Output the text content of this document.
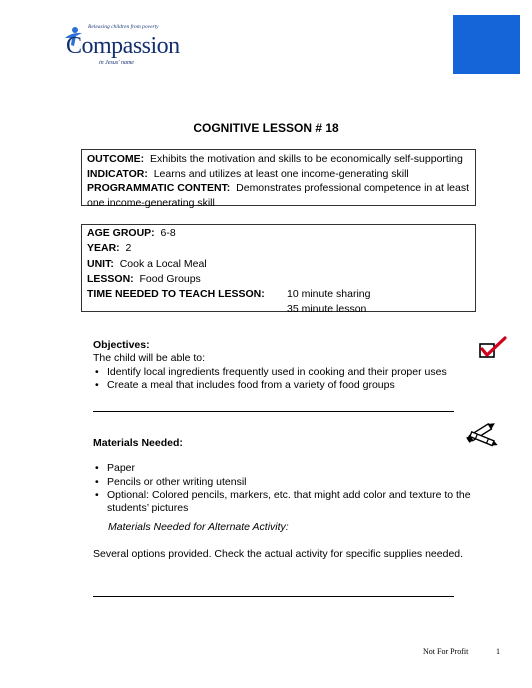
Releasing children from poverty
Compassion
in Jesus' name
COGNITIVE LESSON # 18
OUTCOME: Exhibits the motivation and skills to be economically self-supporting
INDICATOR: Learns and utilizes at least one income-generating skill
PROGRAMMATIC CONTENT: Demonstrates professional competence in at least
one income-generating skill
AGE GROUP: 6-8
YEAR: 2
UNIT: Cook a Local Meal
LESSON: Food Groups
TIME NEEDED TO TEACH LESSON: 10 minute sharing
35 minute lesson
Objectives:
The child will be able to:
• Identify local ingredients frequently used in cooking and their proper uses
• Create a meal that includes food from a variety of food groups
Materials Needed:
• Paper
• Pencils or other writing utensil
• Optional: Colored pencils, markers, etc. that might add color and texture to the students’ pictures
Materials Needed for Alternate Activity:
Several options provided. Check the actual activity for specific supplies needed.
Not For Profit	1
